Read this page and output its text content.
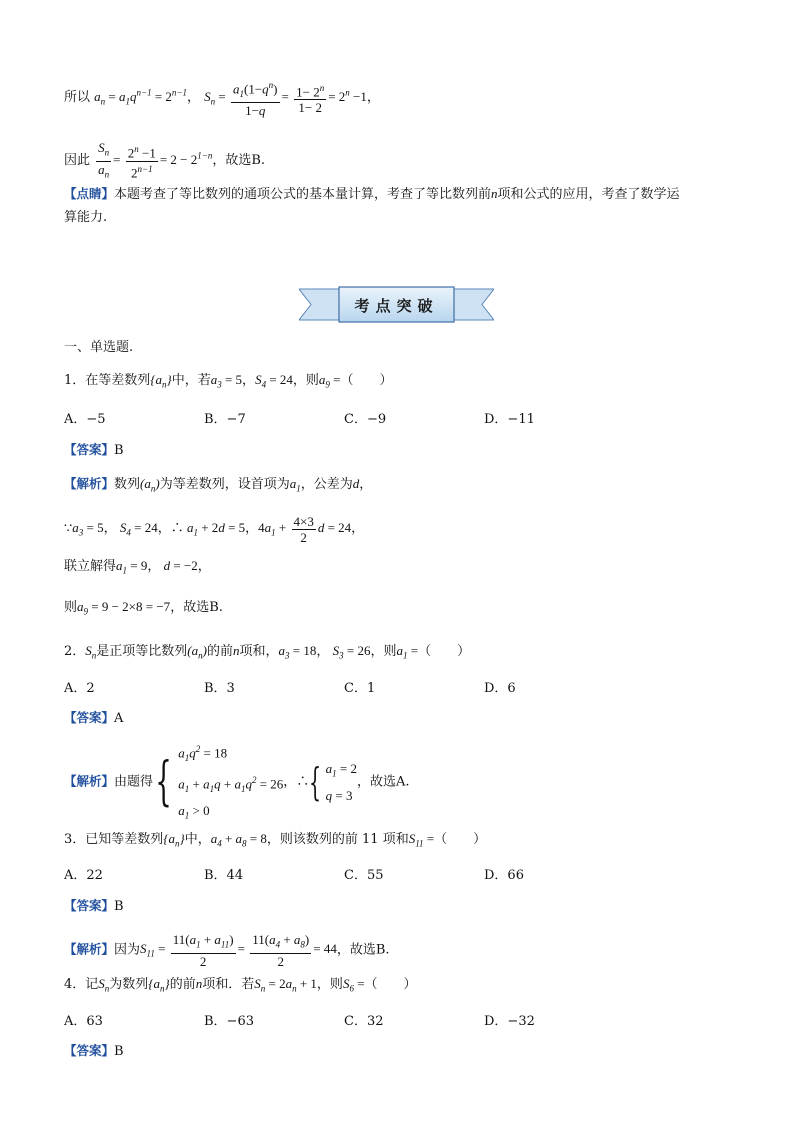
所以 $a_n = a_1q^{n-1} = 2^{n-1}$， $S_n = \frac{a_1(1-q^n)}{1-q} = \frac{1- 2^n}{1- 2} = 2^n -1$，
因此 $\frac{S_n}{a_n} = \frac{2^n -1}{2^{n-1}} = 2 - 2^{1-n}$，故选B.
【点睛】本题考查了等比数列的通项公式的基本量计算，考查了等比数列前n项和公式的应用，考查了数学运
算能力.
考点突破
一、单选题.
1．在等差数列$\{a_n\}$中，若$a_3 = 5$，$S_4 = 24$，则$a_9$ =（　　）
A．−5	B．−7	C．−9	D．−11
【答案】B
【解析】数列$(a_n)$为等差数列，设首项为$a_1$，公差为d，
$\because a_3 = 5$， $S_4 = 24$，∴ $a_1 + 2d = 5$，$4a_1 + \frac{4\times 3}{2}$ d = 24，
联立解得$a_1 = 9$， d = −2，
则$a_9 = 9 - 2\times 8 = -7$，故选B.
2．$S_n$是正项等比数列$(a_n)$的前n项和，$a_3 = 18$， $S_3 = 26$，则$a_1$ =（　　）
A．2	B．3	C．1	D．6
【答案】A
【解析】由题得{ $a_1q^2 = 18$
$a_1 + a_1q + a_1q^2 = 26$
$a_1 > 0$
，∴{ $a_1 = 2$
q = 3
，故选A.
3．已知等差数列$\{a_n\}$中，$a_4 + a_8 = 8$，则该数列的前 11 项和$S_{11}$ =（　　）
A．22	B．44	C．55	D．66
【答案】B
【解析】因为$S_{11} = \frac{11(a_1 + a_{11})}{2} = \frac{11(a_4 + a_8)}{2} = 44$，故选B.
4．记$S_n$为数列$\{a_n\}$的前n项和．若$S_n = 2a_n + 1$，则$S_6$ =（　　）
A．63	B．−63	C．32	D．−32
【答案】B
